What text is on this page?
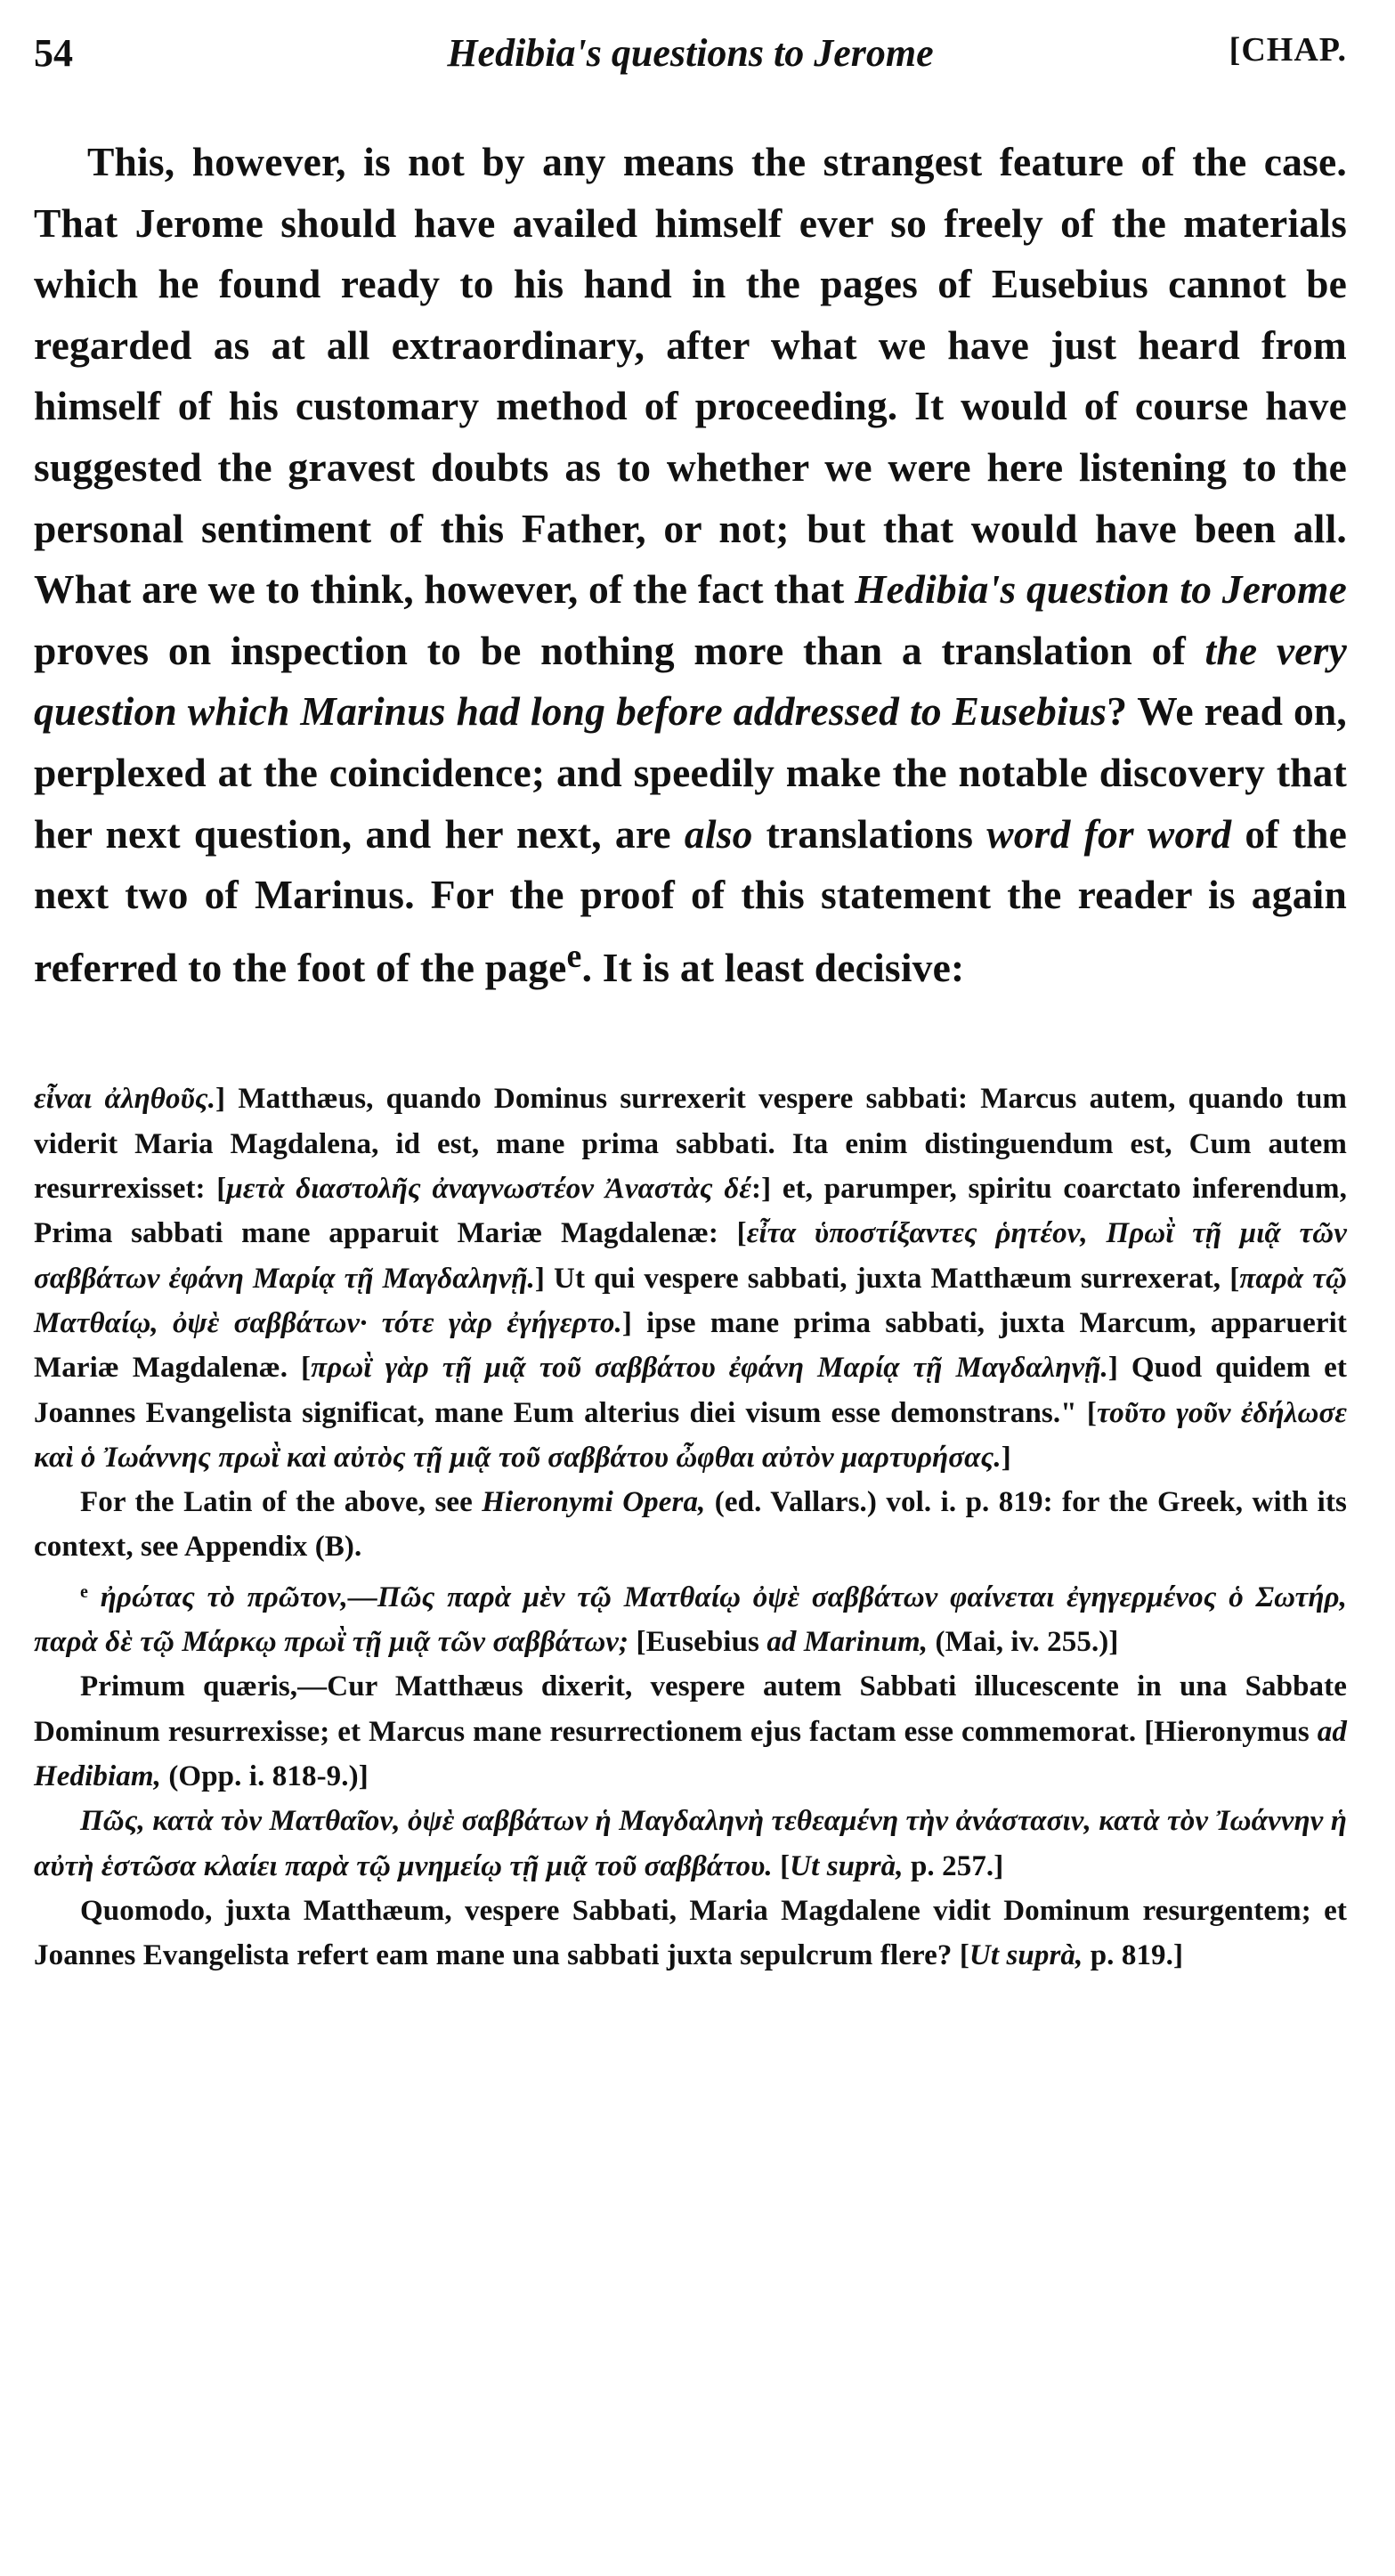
54	Hedibia's questions to Jerome	[CHAP.
This, however, is not by any means the strangest feature of the case. That Jerome should have availed himself ever so freely of the materials which he found ready to his hand in the pages of Eusebius cannot be regarded as at all extraordinary, after what we have just heard from himself of his customary method of proceeding. It would of course have suggested the gravest doubts as to whether we were here listening to the personal sentiment of this Father, or not; but that would have been all. What are we to think, however, of the fact that Hedibia's question to Jerome proves on inspection to be nothing more than a translation of the very question which Marinus had long before addressed to Eusebius? We read on, perplexed at the coincidence; and speedily make the notable discovery that her next question, and her next, are also translations word for word of the next two of Marinus. For the proof of this statement the reader is again referred to the foot of the page$^e$. It is at least decisive:

εἶναι ἀληθοῦς.] Matthæus, quando Dominus surrexerit vespere sabbati: Marcus autem, quando tum viderit Maria Magdalena, id est, mane prima sabbati. Ita enim distinguendum est, Cum autem resurrexisset: [μετὰ διαστολῆς ἀναγνωστέον Ἀναστὰς δέ:] et, parumper, spiritu coarctato inferendum, Prima sabbati mane apparuit Mariæ Magdalenæ: [εἶτα ὑποστίξαντες ῥητέον, Πρωῒ τῇ μιᾷ τῶν σαββάτων ἐφάνη Μαρίᾳ τῇ Μαγδαληνῇ.] Ut qui vespere sabbati, juxta Matthæum surrexerat, [παρὰ τῷ Ματθαίῳ, ὀψὲ σαββάτων· τότε γὰρ ἐγήγερτο.] ipse mane prima sabbati, juxta Marcum, apparuerit Mariæ Magdalenæ. [πρωῒ γὰρ τῇ μιᾷ τοῦ σαββάτου ἐφάνη Μαρίᾳ τῇ Μαγδαληνῇ.] Quod quidem et Joannes Evangelista significat, mane Eum alterius diei visum esse demonstrans." [τοῦτο γοῦν ἐδήλωσε καὶ ὁ Ἰωάννης πρωῒ καὶ αὐτὸς τῇ μιᾷ τοῦ σαββάτου ὦφθαι αὐτὸν μαρτυρήσας.]

For the Latin of the above, see Hieronymi Opera, (ed. Vallars.) vol. i. p. 819: for the Greek, with its context, see Appendix (B).

$^e$ ἠρώτας τὸ πρῶτον,—Πῶς παρὰ μὲν τῷ Ματθαίῳ ὀψὲ σαββάτων φαίνεται ἐγηγερμένος ὁ Σωτήρ, παρὰ δὲ τῷ Μάρκῳ πρωῒ τῇ μιᾷ τῶν σαββάτων; [Eusebius ad Marinum, (Mai, iv. 255.)]

Primum quæris,—Cur Matthæus dixerit, vespere autem Sabbati illucescente in una Sabbate Dominum resurrexisse; et Marcus mane resurrectionem ejus factam esse commemorat. [Hieronymus ad Hedibiam, (Opp. i. 818-9.)]

Πῶς, κατὰ τὸν Ματθαῖον, ὀψὲ σαββάτων ἡ Μαγδαληνὴ τεθεαμένη τὴν ἀνάστασιν, κατὰ τὸν Ἰωάννην ἡ αὐτὴ ἑστῶσα κλαίει παρὰ τῷ μνημείῳ τῇ μιᾷ τοῦ σαββάτου. [Ut suprà, p. 257.]

Quomodo, juxta Matthæum, vespere Sabbati, Maria Magdalene vidit Dominum resurgentem; et Joannes Evangelista refert eam mane una sabbati juxta sepulcrum flere? [Ut suprà, p. 819.]
